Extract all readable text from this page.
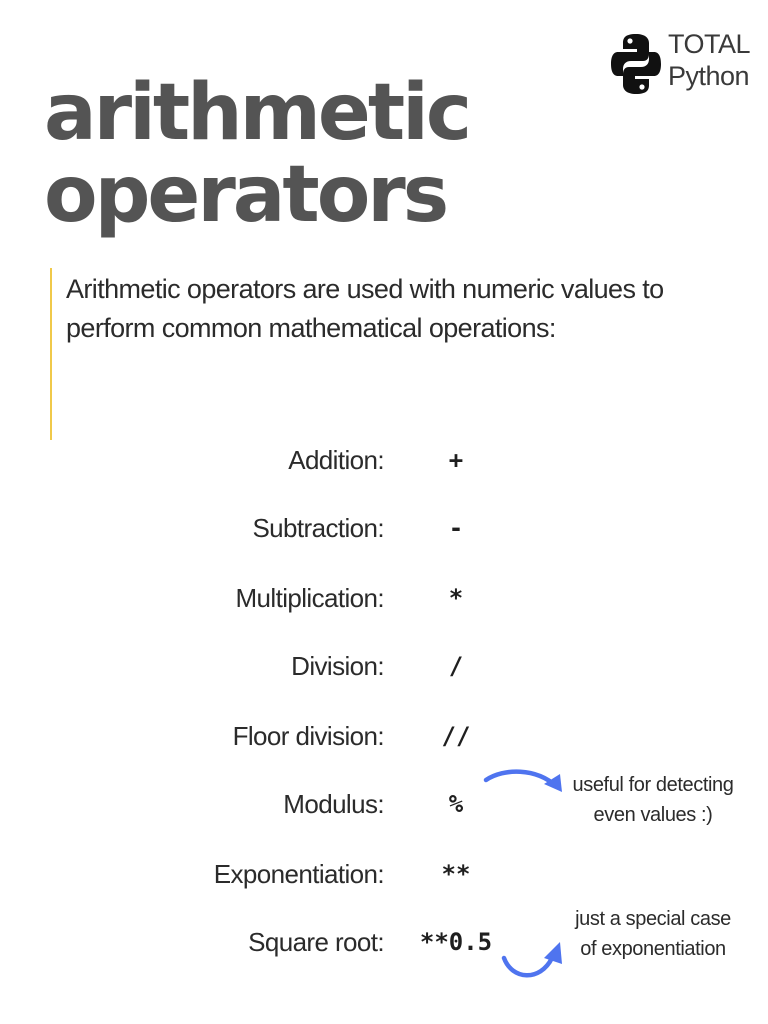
arithmetic
operators
TOTAL
Python

Arithmetic operators are used with numeric values to perform common mathematical operations:

Addition:	+
Subtraction:	-
Multiplication:	*
Division:	/
Floor division:	//
Modulus:	%
Exponentiation:	**
Square root: **0.5

useful for detecting
even values :)

just a special case
of exponentiation
